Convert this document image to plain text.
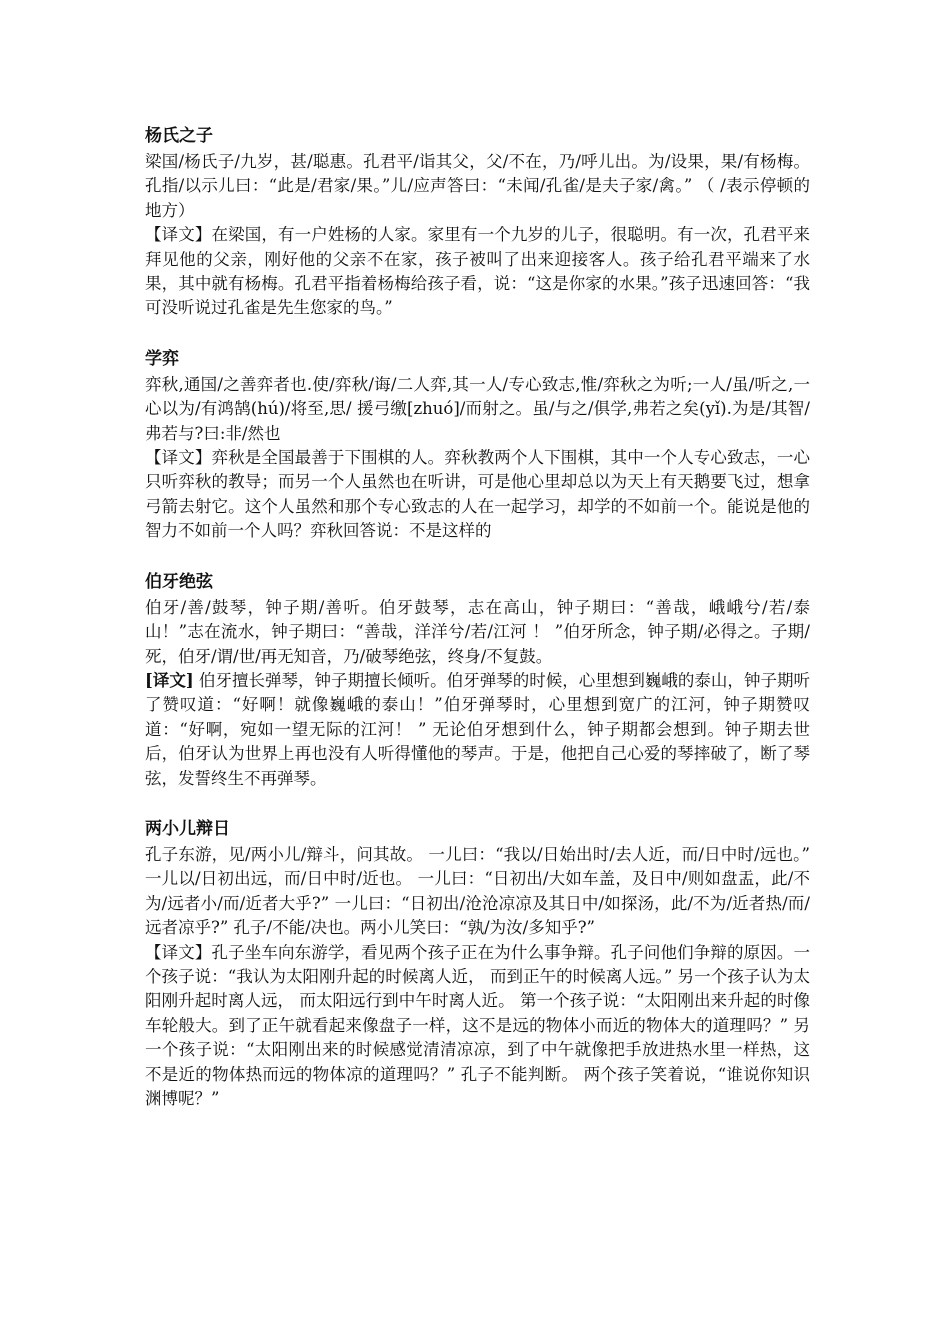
杨氏之子

梁国/杨氏子/九岁，甚/聪惠。孔君平/诣其父，父/不在，乃/呼儿出。为/设果，果/有杨梅。孔指/以示儿曰：“此是/君家/果。”儿/应声答曰：“未闻/孔雀/是夫子家/禽。” （ /表示停顿的地方）

【译文】在梁国，有一户姓杨的人家。家里有一个九岁的儿子，很聪明。有一次，孔君平来拜见他的父亲，刚好他的父亲不在家，孩子被叫了出来迎接客人。孩子给孔君平端来了水果，其中就有杨梅。孔君平指着杨梅给孩子看，说：“这是你家的水果。”孩子迅速回答：“我可没听说过孔雀是先生您家的鸟。”

学弈

弈秋,通国/之善弈者也.使/弈秋/诲/二人弈,其一人/专心致志,惟/弈秋之为听;一人/虽/听之,一心以为/有鸿鹄(hú)/将至,思/ 援弓缴[zhuó]/而射之。虽/与之/俱学,弗若之矣(yǐ).为是/其智/弗若与?曰:非/然也

【译文】弈秋是全国最善于下围棋的人。弈秋教两个人下围棋，其中一个人专心致志，一心只听弈秋的教导；而另一个人虽然也在听讲，可是他心里却总以为天上有天鹅要飞过，想拿弓箭去射它。这个人虽然和那个专心致志的人在一起学习，却学的不如前一个。能说是他的智力不如前一个人吗？弈秋回答说：不是这样的

伯牙绝弦

伯牙/善/鼓琴，钟子期/善听。伯牙鼓琴，志在高山，钟子期曰：“善哉，峨峨兮/若/泰山！”志在流水，钟子期曰：“善哉，洋洋兮/若/江河 ！ ”伯牙所念，钟子期/必得之。子期/死，伯牙/谓/世/再无知音，乃/破琴绝弦，终身/不复鼓。

[译文] 伯牙擅长弹琴，钟子期擅长倾听。伯牙弹琴的时候，心里想到巍峨的泰山，钟子期听了赞叹道：“好啊！就像巍峨的泰山！”伯牙弹琴时，心里想到宽广的江河，钟子期赞叹道：“好啊，宛如一望无际的江河！ ” 无论伯牙想到什么，钟子期都会想到。钟子期去世后，伯牙认为世界上再也没有人听得懂他的琴声。于是，他把自己心爱的琴摔破了，断了琴弦，发誓终生不再弹琴。

两小儿辩日

孔子东游，见/两小儿/辩斗，问其故。 一儿曰：“我以/日始出时/去人近，而/日中时/远也。” 一儿以/日初出远，而/日中时/近也。 一儿曰：“日初出/大如车盖，及日中/则如盘盂，此/不为/远者小/而/近者大乎?” 一儿曰：“日初出/沧沧凉凉及其日中/如探汤，此/不为/近者热/而/远者凉乎?” 孔子/不能/决也。两小儿笑曰：“孰/为汝/多知乎?”

【译文】孔子坐车向东游学，看见两个孩子正在为什么事争辩。孔子问他们争辩的原因。一个孩子说：“我认为太阳刚升起的时候离人近， 而到正午的时候离人远。” 另一个孩子认为太阳刚升起时离人远， 而太阳远行到中午时离人近。 第一个孩子说：“太阳刚出来升起的时像车轮般大。到了正午就看起来像盘子一样，这不是远的物体小而近的物体大的道理吗？” 另一个孩子说：“太阳刚出来的时候感觉清清凉凉，到了中午就像把手放进热水里一样热，这不是近的物体热而远的物体凉的道理吗？” 孔子不能判断。 两个孩子笑着说，“谁说你知识渊博呢？”
